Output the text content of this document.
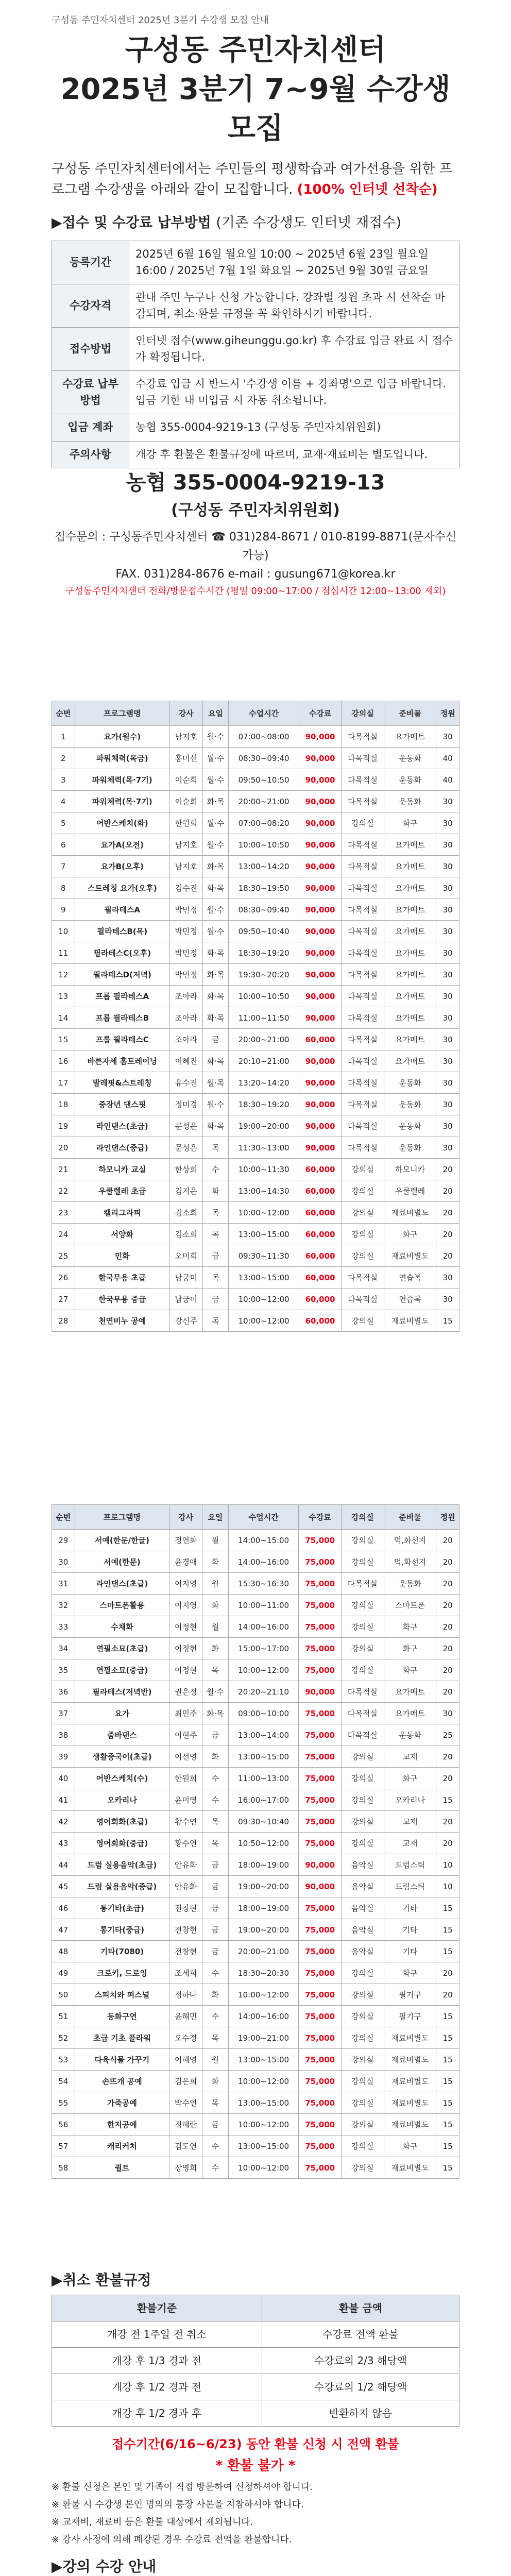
구성동 주민자치센터 2025년 3분기 수강생 모집 안내
구성동 주민자치센터
2025년 3분기 7~9월 수강생 모집
구성동 주민자치센터에서는 주민들의 평생학습과 여가선용을 위한 프로그램 수강생을 아래와 같이 모집합니다. (100% 인터넷 선착순)
▶접수 및 수강료 납부방법 (기존 수강생도 인터넷 재접수)
등록기간	2025년 6월 16일 월요일 10:00 ~ 2025년 6월 23일 월요일 16:00 / 2025년 7월 1일 화요일 ~ 2025년 9월 30일 금요일
수강자격	관내 주민 누구나 신청 가능합니다. 강좌별 정원 초과 시 선착순 마감되며, 취소·환불 규정을 꼭 확인하시기 바랍니다.
접수방법	인터넷 접수(www.giheunggu.go.kr) 후 수강료 입금 완료 시 접수가 확정됩니다.
수강료 납부방법	수강료 입금 시 반드시 '수강생 이름 + 강좌명'으로 입금 바랍니다. 입금 기한 내 미입금 시 자동 취소됩니다.
입금 계좌	농협 355-0004-9219-13 (구성동 주민자치위원회)
주의사항	개강 후 환불은 환불규정에 따르며, 교재·재료비는 별도입니다.
농협 355-0004-9219-13
(구성동 주민자치위원회)
접수문의 : 구성동주민자치센터 ☎ 031)284-8671 / 010-8199-8871(문자수신가능)
FAX. 031)284-8676 e-mail : gusung671@korea.kr
구성동주민자치센터 전화/방문접수시간 (평일 09:00~17:00 / 점심시간 12:00~13:00 제외)
순번	프로그램명	강사	요일	수업시간	수강료	강의실	준비물	정원
1	요가(월수)	남지호	월·수	07:00~08:00	90,000	다목적실	요가매트	30
2	파워체력(목금)	홍미선	월·수	08:30~09:40	90,000	다목적실	운동화	40
3	파워체력(목·7기)	이순희	월·수	09:50~10:50	90,000	다목적실	운동화	40
4	파워체력(목·7기)	이순희	화·목	20:00~21:00	90,000	다목적실	운동화	30
5	어반스케치(화)	한원희	월·수	07:00~08:20	90,000	강의실	화구	30
6	요가A(오전)	남지호	월·수	10:00~10:50	90,000	다목적실	요가매트	30
7	요가B(오후)	남지호	화·목	13:00~14:20	90,000	다목적실	요가매트	30
8	스트레칭 요가(오후)	김수진	화·목	18:30~19:50	90,000	다목적실	요가매트	30
9	필라테스A	박민정	월·수	08:30~09:40	90,000	다목적실	요가매트	30
10	필라테스B(목)	박민정	월·수	09:50~10:40	90,000	다목적실	요가매트	30
11	필라테스C(오후)	박민정	화·목	18:30~19:20	90,000	다목적실	요가매트	30
12	필라테스D(저녁)	박민정	화·목	19:30~20:20	90,000	다목적실	요가매트	30
13	프롭 필라테스A	조아라	화·목	10:00~10:50	90,000	다목적실	요가매트	30
14	프롭 필라테스B	조아라	화·목	11:00~11:50	90,000	다목적실	요가매트	30
15	프롭 필라테스C	조아라	금	20:00~21:00	60,000	다목적실	요가매트	30
16	바른자세 홈트레이닝	이혜진	화·목	20:10~21:00	90,000	다목적실	요가매트	30
17	발레핏&스트레칭	유수진	월·목	13:20~14:20	90,000	다목적실	운동화	30
18	중장년 댄스핏	정미경	월·수	18:30~19:20	90,000	다목적실	운동화	30
19	라인댄스(초급)	문성은	화·목	19:00~20:00	90,000	다목적실	운동화	30
20	라인댄스(중급)	문성은	목	11:30~13:00	90,000	다목적실	운동화	30
21	하모니카 교실	한상희	수	10:00~11:30	60,000	강의실	하모니카	20
22	우쿨렐레 초급	김지은	화	13:00~14:30	60,000	강의실	우쿨렐레	20
23	캘리그라피	김소희	목	10:00~12:00	60,000	강의실	재료비별도	20
24	서양화	김소희	목	13:00~15:00	60,000	강의실	화구	20
25	민화	오미희	금	09:30~11:30	60,000	강의실	재료비별도	20
26	한국무용 초급	남궁미	목	13:00~15:00	60,000	다목적실	연습복	30
27	한국무용 중급	남궁미	금	10:00~12:00	60,000	다목적실	연습복	30
28	천연비누 공예	강신주	목	10:00~12:00	60,000	강의실	재료비별도	15
순번	프로그램명	강사	요일	수업시간	수강료	강의실	준비물	정원
29	서예(한문/한글)	정연화	월	14:00~15:00	75,000	강의실	먹,화선지	20
30	서예(한문)	윤경애	화	14:00~16:00	75,000	강의실	먹,화선지	20
31	라인댄스(초급)	이지영	월	15:30~16:30	75,000	다목적실	운동화	20
32	스마트폰활용	이지영	화	10:00~11:00	75,000	강의실	스마트폰	20
33	수채화	이정현	월	14:00~16:00	75,000	강의실	화구	20
34	연필소묘(초급)	이정현	화	15:00~17:00	75,000	강의실	화구	20
35	연필소묘(중급)	이정현	목	10:00~12:00	75,000	강의실	화구	20
36	필라테스(저녁반)	권은정	월·수	20:20~21:10	90,000	다목적실	요가매트	20
37	요가	최민주	화·목	09:00~10:00	75,000	다목적실	요가매트	30
38	줌바댄스	이현주	금	13:00~14:00	75,000	다목적실	운동화	25
39	생활중국어(초급)	이선영	화	13:00~15:00	75,000	강의실	교재	20
40	어반스케치(수)	한원희	수	11:00~13:00	75,000	강의실	화구	20
41	오카리나	윤미영	수	16:00~17:00	75,000	강의실	오카리나	15
42	영어회화(초급)	황수연	목	09:30~10:40	75,000	강의실	교재	20
43	영어회화(중급)	황수연	목	10:50~12:00	75,000	강의실	교재	20
44	드럼 실용음악(초급)	안유화	금	18:00~19:00	90,000	음악실	드럼스틱	10
45	드럼 실용음악(중급)	안유화	금	19:00~20:00	90,000	음악실	드럼스틱	10
46	통기타(초급)	전창현	금	18:00~19:00	75,000	음악실	기타	15
47	통기타(중급)	전창현	금	19:00~20:00	75,000	음악실	기타	15
48	기타(7080)	전창현	금	20:00~21:00	75,000	음악실	기타	15
49	크로키, 드로잉	조세희	수	18:30~20:30	75,000	강의실	화구	20
50	스피치와 퍼스널	정하나	화	10:00~12:00	75,000	강의실	필기구	20
51	동화구연	윤해민	수	14:00~16:00	75,000	강의실	필기구	15
52	초급 기초 플라워	오수정	목	19:00~21:00	75,000	강의실	재료비별도	15
53	다육식물 가꾸기	이혜영	월	13:00~15:00	75,000	강의실	재료비별도	15
54	손뜨개 공예	김은희	화	10:00~12:00	75,000	강의실	재료비별도	15
55	가죽공예	박수연	목	13:00~15:00	75,000	강의실	재료비별도	15
56	한지공예	정혜란	금	10:00~12:00	75,000	강의실	재료비별도	15
57	캐리커처	김도연	수	13:00~15:00	75,000	강의실	화구	15
58	퀼트	장명희	수	10:00~12:00	75,000	강의실	재료비별도	15
▶취소 환불규정
환불기준	환불 금액
개강 전 1주일 전 취소	수강료 전액 환불
개강 후 1/3 경과 전	수강료의 2/3 해당액
개강 후 1/2 경과 전	수강료의 1/2 해당액
개강 후 1/2 경과 후	반환하지 않음
접수기간(6/16~6/23) 동안 환불 신청 시 전액 환불
* 환불 불가 *

※ 환불 신청은 본인 및 가족이 직접 방문하여 신청하셔야 합니다.

※ 환불 시 수강생 본인 명의의 통장 사본을 지참하셔야 합니다.

※ 교재비, 재료비 등은 환불 대상에서 제외됩니다.

※ 강사 사정에 의해 폐강된 경우 수강료 전액을 환불합니다.

▶강의 수강 안내
